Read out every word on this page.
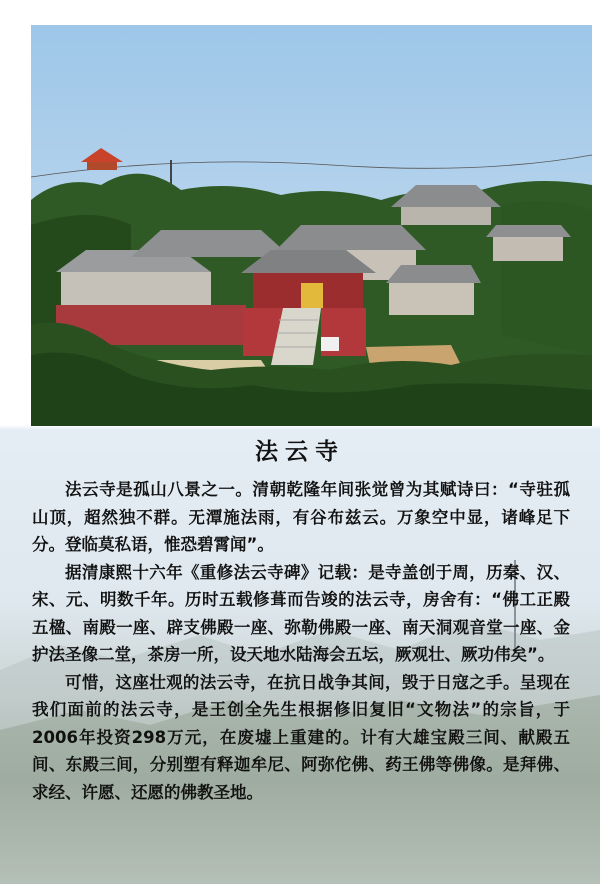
法云寺

法云寺是孤山八景之一。清朝乾隆年间张觉曾为其赋诗曰：“寺驻孤山顶，超然独不群。无潭施法雨，有谷布兹云。万象空中显，诸峰足下分。登临莫私语，惟恐碧霄闻”。

据清康熙十六年《重修法云寺碑》记载：是寺盖创于周，历秦、汉、宋、元、明数千年。历时五载修葺而告竣的法云寺，房舍有：“佛工正殿五楹、南殿一座、辟支佛殿一座、弥勒佛殿一座、南天洞观音堂一座、金　护法圣像二堂，茶房一所，设天地水陆海会五坛，厥观壮、厥功伟矣”。

可惜，这座壮观的法云寺，在抗日战争其间，毁于日寇之手。呈现在我们面前的法云寺，是王创全先生根据修旧复旧“文物法”的宗旨，于2006年投资298万元，在废墟上重建的。计有大雄宝殿三间、献殿五间、东殿三间，分别塑有释迦牟尼、阿弥佗佛、药王佛等佛像。是拜佛、求经、许愿、还愿的佛教圣地。
